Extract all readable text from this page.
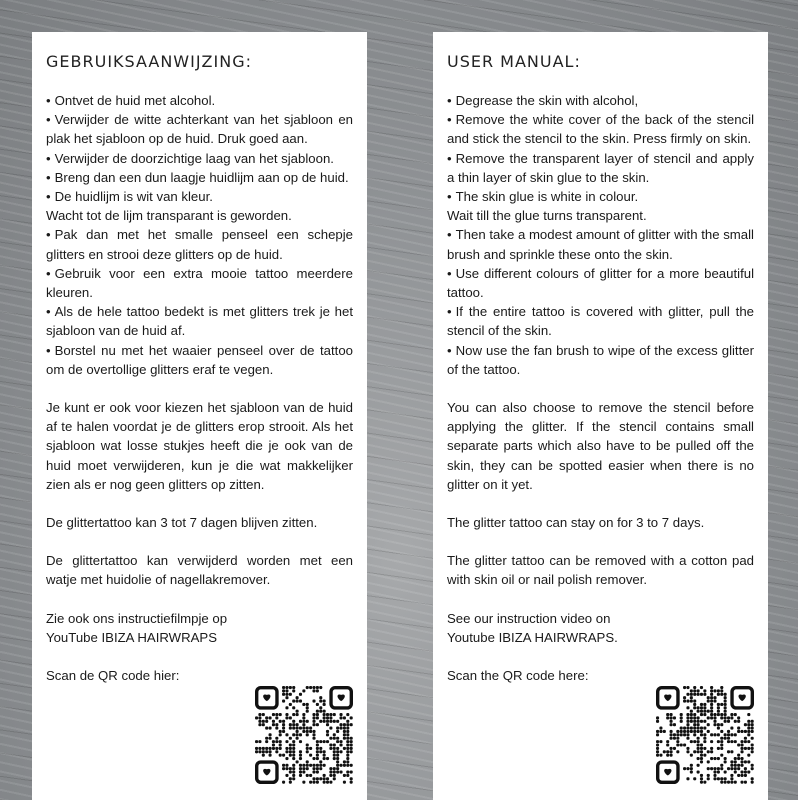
GEBRUIKSAANWIJZING:
• Ontvet de huid met alcohol.
• Verwijder de witte achterkant van het sjabloon en plak het sjabloon op de huid. Druk goed aan.
• Verwijder de doorzichtige laag van het sjabloon.
• Breng dan een dun laagje huidlijm aan op de huid.
• De huidlijm is wit van kleur.
Wacht tot de lijm transparant is geworden.
• Pak dan met het smalle penseel een schepje glitters en strooi deze glitters op de huid.
• Gebruik voor een extra mooie tattoo meerdere kleuren.
• Als de hele tattoo bedekt is met glitters trek je het sjabloon van de huid af.
• Borstel nu met het waaier penseel over de tattoo om de overtollige glitters eraf te vegen.

Je kunt er ook voor kiezen het sjabloon van de huid af te halen voordat je de glitters erop strooit. Als het sjabloon wat losse stukjes heeft die je ook van de huid moet verwijderen, kun je die wat makkelijker zien als er nog geen glitters op zitten.

De glittertattoo kan 3 tot 7 dagen blijven zitten.

De glittertattoo kan verwijderd worden met een watje met huidolie of nagellakremover.

Zie ook ons instructiefilmpje op
YouTube IBIZA HAIRWRAPS

Scan de QR code hier:

USER MANUAL:
• Degrease the skin with alcohol,
• Remove the white cover of the back of the stencil and stick the stencil to the skin. Press firmly on skin.
• Remove the transparent layer of stencil and apply a thin layer of skin glue to the skin.
• The skin glue is white in colour.
Wait till the glue turns transparent.
• Then take a modest amount of glitter with the small brush and sprinkle these onto the skin.
• Use different colours of glitter for a more beautiful tattoo.
• If the entire tattoo is covered with glitter, pull the stencil of the skin.
• Now use the fan brush to wipe of the excess glitter of the tattoo.

You can also choose to remove the stencil before applying the glitter. If the stencil contains small separate parts which also have to be pulled off the skin, they can be spotted easier when there is no glitter on it yet.

The glitter tattoo can stay on for 3 to 7 days.

The glitter tattoo can be removed with a cotton pad with skin oil or nail polish remover.

See our instruction video on
Youtube IBIZA HAIRWRAPS.

Scan the QR code here:
